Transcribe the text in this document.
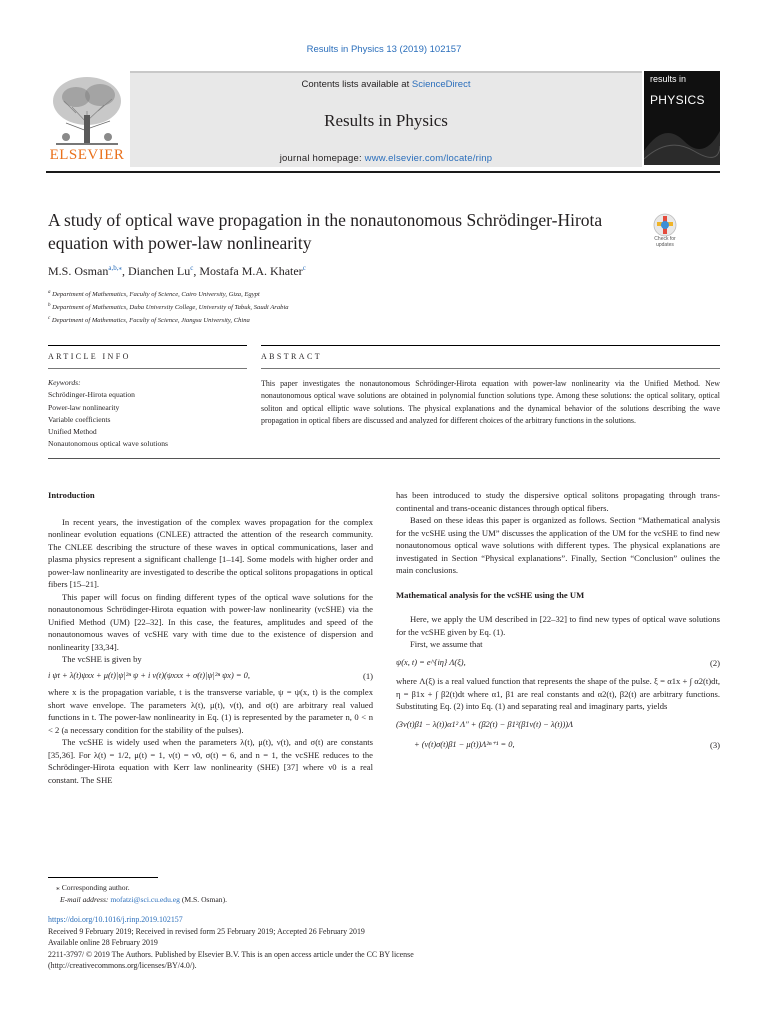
Results in Physics 13 (2019) 102157
ELSEVIER
Contents lists available at ScienceDirect
Results in Physics
journal homepage: www.elsevier.com/locate/rinp
results in
PHYSICS
A study of optical wave propagation in the nonautonomous Schrödinger-Hirota equation with power-law nonlinearity	Check for updates
M.S. Osman$^{a,b,⁎}$, Dianchen Lu$^c$, Mostafa M.A. Khater$^c$
$^a$ Department of Mathematics, Faculty of Science, Cairo University, Giza, Egypt
$^b$ Department of Mathematics, Duba University College, University of Tabuk, Saudi Arabia
$^c$ Department of Mathematics, Faculty of Science, Jiangsu University, China
ARTICLE INFO	ABSTRACT
Keywords:
Schrödinger-Hirota equation
Power-law nonlinearity
Variable coefficients
Unified Method
Nonautonomous optical wave solutions
This paper investigates the nonautonomous Schrödinger-Hirota equation with power-law nonlinearity via the Unified Method. New nonautonomous optical wave solutions are obtained in polynomial function solutions type. Among these solutions: the optical solitary, optical soliton and optical elliptic wave solutions. The physical explanations and the dynamical behavior of the solutions describing the wave propagation in optical fibers are discussed and analyzed for different choices of the arbitrary functions in the solutions.
Introduction

In recent years, the investigation of the complex waves propagation for the complex nonlinear evolution equations (CNLEE) attracted the attention of the research community. The CNLEE describing the structure of these waves in optical communications, laser and plasma physics represent a significant challenge [1–14]. Some models with higher order and power-law nonlinearity are investigated to describe the optical solitons propagations in optical fibers [15–21].

This paper will focus on finding different types of the optical wave solutions for the nonautonomous Schrödinger-Hirota equation with power-law nonlinearity (vcSHE) via the Unified Method (UM) [22–32]. In this case, the features, amplitudes and speed of the nonautonomous waves of vcSHE vary with time due to the existence of dispersion and nonlinearity [33,34].

The vcSHE is given by

i ψt + λ(t)ψxx + μ(t)|ψ|²ⁿ ψ + i ν(t)(ψxxx + σ(t)|ψ|²ⁿ ψx) = 0,	(1)

where x is the propagation variable, t is the transverse variable, ψ = ψ(x, t) is the complex short wave envelope. The parameters λ(t), μ(t), ν(t), and σ(t) are arbitrary real valued functions in t. The power-law nonlinearity in Eq. (1) is represented by the parameter n, 0 < n < 2 (a necessary condition for the stability of the pulses).

The vcSHE is widely used when the parameters λ(t), μ(t), ν(t), and σ(t) are constants [35,36]. For λ(t) = 1/2, μ(t) = 1, ν(t) = ν0, σ(t) = 6, and n = 1, the vcSHE reduces to the Schrödinger-Hirota equation with Kerr law nonlinearity (SHE) [37] where ν0 is a real constant. The SHE

has been introduced to study the dispersive optical solitons propagating through trans-continental and trans-oceanic distances through optical fibers.

Based on these ideas this paper is organized as follows. Section “Mathematical analysis for the vcSHE using the UM” discusses the application of the UM for the vcSHE to find new nonautonomous optical wave solutions with different types. The physical explanations are investigated in Section “Physical explanations”. Finally, Section “Conclusion” oulines the main conclusions.

Mathematical analysis for the vcSHE using the UM

Here, we apply the UM described in [22–32] to find new types of optical wave solutions for the vcSHE given by Eq. (1).

First, we assume that

ψ(x, t) = e^{iη} Λ(ξ),	(2)

where Λ(ξ) is a real valued function that represents the shape of the pulse. ξ = α1x + ∫ α2(t)dt, η = β1x + ∫ β2(t)dt where α1, β1 are real constants and α2(t), β2(t) are arbitrary functions. Substituting Eq. (2) into Eq. (1) and separating real and imaginary parts, yields

(3ν(t)β1 − λ(t))α1² Λ″ + (β2(t) − β1²(β1ν(t) − λ(t)))Λ
+ (ν(t)σ(t)β1 − μ(t))Λ²ⁿ⁺¹ = 0,	(3)
⁎ Corresponding author.
E-mail address: mofatzi@sci.cu.edu.eg (M.S. Osman).
https://doi.org/10.1016/j.rinp.2019.102157
Received 9 February 2019; Received in revised form 25 February 2019; Accepted 26 February 2019
Available online 28 February 2019
2211-3797/ © 2019 The Authors. Published by Elsevier B.V. This is an open access article under the CC BY license
(http://creativecommons.org/licenses/BY/4.0/).
